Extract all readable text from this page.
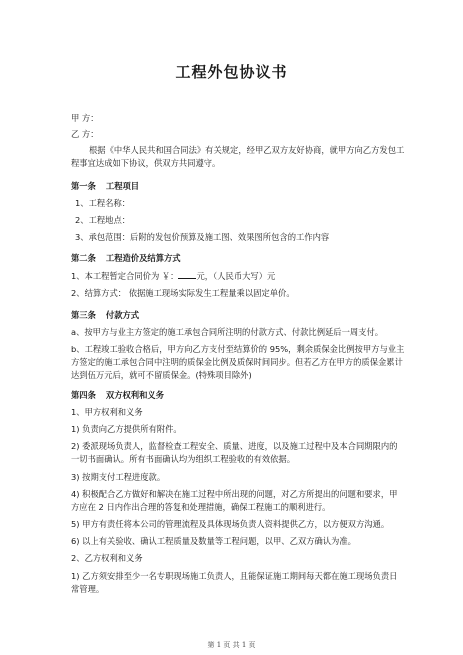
工程外包协议书
甲 方：
乙 方：
根据《中华人民共和国合同法》有关规定，经甲乙双方友好协商，就甲方向乙方发包工
程事宜达成如下协议，供双方共同遵守。
第一条 工程项目
1、工程名称：
2、工程地点：
3、承包范围：后附的发包价预算及施工图、效果图所包含的工作内容
第二条 工程造价及结算方式
1、本工程暂定合同价为 ￥： 元，（人民币大写）元
2、结算方式： 依据施工现场实际发生工程量乘以固定单价。
第三条 付款方式
a、按甲方与业主方签定的施工承包合同所注明的付款方式、付款比例延后一周支付。
b、工程竣工验收合格后，甲方向乙方支付至结算价的 95%，剩余质保金比例按甲方与业主
方签定的施工承包合同中注明的质保金比例及质保时间同步。但若乙方在甲方的质保金累计
达到伍万元后，就可不留质保金。(特殊项目除外)
第四条 双方权利和义务
1、甲方权利和义务
1) 负责向乙方提供所有附件。
2) 委派现场负责人，监督检查工程安全、质量、进度，以及施工过程中及本合同期限内的
一切书面确认。所有书面确认均为组织工程验收的有效依据。
3) 按期支付工程进度款。
4) 积极配合乙方做好和解决在施工过程中所出现的问题，对乙方所提出的问题和要求，甲
方应在 2 日内作出合理的答复和处理措施，确保工程施工的顺利进行。
5) 甲方有责任将本公司的管理流程及具体现场负责人资料提供乙方，以方便双方沟通。
6) 以上有关验收、确认工程质量及数量等工程问题，以甲、乙双方确认为准。
2、乙方权利和义务
1) 乙方须安排至少一名专职现场施工负责人，且能保证施工期间每天都在施工现场负责日
常管理。
第 1 页 共 1 页
